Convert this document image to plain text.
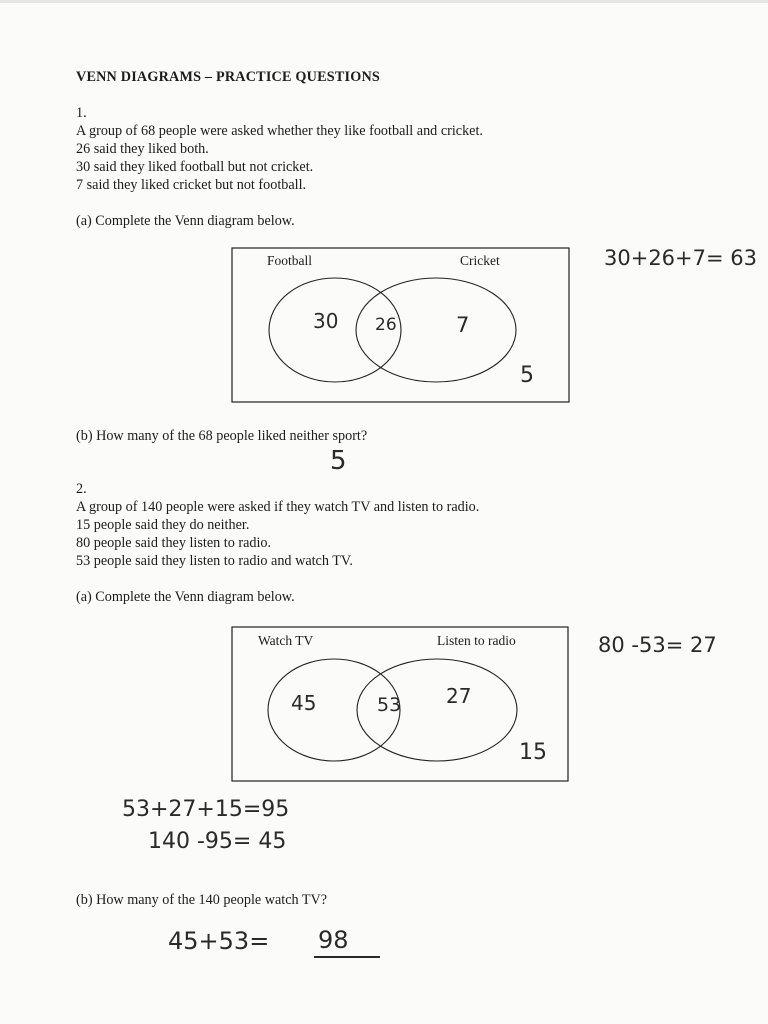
VENN DIAGRAMS – PRACTICE QUESTIONS
1.
A group of 68 people were asked whether they like football and cricket.
26 said they liked both.
30 said they liked football but not cricket.
7 said they liked cricket but not football.
(a) Complete the Venn diagram below.
Football	Cricket
30 26	7
5
30+26+7= 63
(b) How many of the 68 people liked neither sport?
5
2.
A group of 140 people were asked if they watch TV and listen to radio.
15 people said they do neither.
80 people said they listen to radio.
53 people said they listen to radio and watch TV.
(a) Complete the Venn diagram below.
Watch TV	Listen to radio
45	53 27
15
80 -53= 27
53+27+15=95
140 -95= 45
(b) How many of the 140 people watch TV?
45+53= 98
